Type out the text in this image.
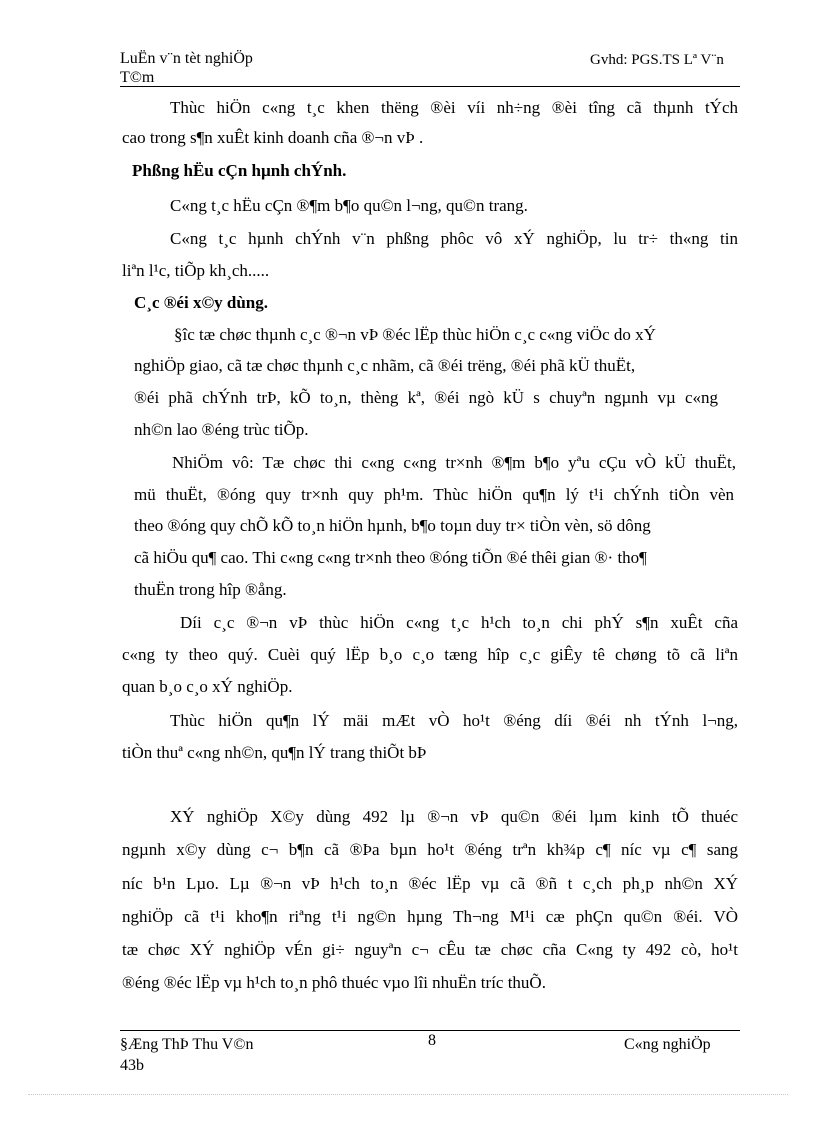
LuËn v¨n tèt nghiÖp
T©m
Gvhd: PGS.TS Lª V¨n
Thùc hiÖn c«ng t¸c khen thëng ®èi víi nh÷ng ®èi tîng cã thµnh tÝch
cao trong s¶n xuÊt kinh doanh cña ®¬n vÞ .
Phßng hËu cÇn hµnh chÝnh.
C«ng t¸c hËu cÇn ®¶m b¶o qu©n l¬ng, qu©n trang.
C«ng t¸c hµnh chÝnh v¨n phßng phôc vô xÝ nghiÖp, lu tr÷ th«ng tin
liªn l¹c, tiÕp kh¸ch.....
C¸c ®éi x©y dùng.
§îc tæ chøc thµnh c¸c ®¬n vÞ ®éc lËp thùc hiÖn c¸c c«ng viÖc do xÝ
nghiÖp giao, cã tæ chøc thµnh c¸c nhãm, cã ®éi trëng, ®éi phã kÜ thuËt,
®éi phã chÝnh trÞ, kÕ to¸n, thèng kª, ®éi ngò kÜ s chuyªn ngµnh vµ c«ng
nh©n lao ®éng trùc tiÕp.
NhiÖm vô: Tæ chøc thi c«ng c«ng tr×nh ®¶m b¶o yªu cÇu vÒ kÜ thuËt,
mü thuËt, ®óng quy tr×nh quy ph¹m. Thùc hiÖn qu¶n lý t¹i chÝnh tiÒn vèn
theo ®óng quy chÕ kÕ to¸n hiÖn hµnh, b¶o toµn duy tr× tiÒn vèn, sö dông
cã hiÖu qu¶ cao. Thi c«ng c«ng tr×nh theo ®óng tiÕn ®é thêi gian ®· tho¶
thuËn trong hîp ®ång.
Díi c¸c ®¬n vÞ thùc hiÖn c«ng t¸c h¹ch to¸n chi phÝ s¶n xuÊt cña
c«ng ty theo quý. Cuèi quý lËp b¸o c¸o tæng hîp c¸c giÊy tê chøng tõ cã liªn
quan b¸o c¸o xÝ nghiÖp.
Thùc hiÖn qu¶n lÝ mäi mÆt vÒ ho¹t ®éng díi ®éi nh tÝnh l¬ng,
tiÒn thuª c«ng nh©n, qu¶n lÝ trang thiÕt bÞ
XÝ nghiÖp X©y dùng 492 lµ ®¬n vÞ qu©n ®éi lµm kinh tÕ thuéc
ngµnh x©y dùng c¬ b¶n cã ®Þa bµn ho¹t ®éng trªn kh¾p c¶ níc vµ c¶ sang
níc b¹n Lµo. Lµ ®¬n vÞ h¹ch to¸n ®éc lËp vµ cã ®ñ t c¸ch ph¸p nh©n XÝ
nghiÖp cã t¹i kho¶n riªng t¹i ng©n hµng Th¬ng M¹i cæ phÇn qu©n ®éi. VÒ
tæ chøc XÝ nghiÖp vÉn gi÷ nguyªn c¬ cÊu tæ chøc cña C«ng ty 492 cò, ho¹t
®éng ®éc lËp vµ h¹ch to¸n phô thuéc vµo lîi nhuËn tríc thuÕ.
§Æng ThÞ Thu V©n
43b
8	C«ng nghiÖp
